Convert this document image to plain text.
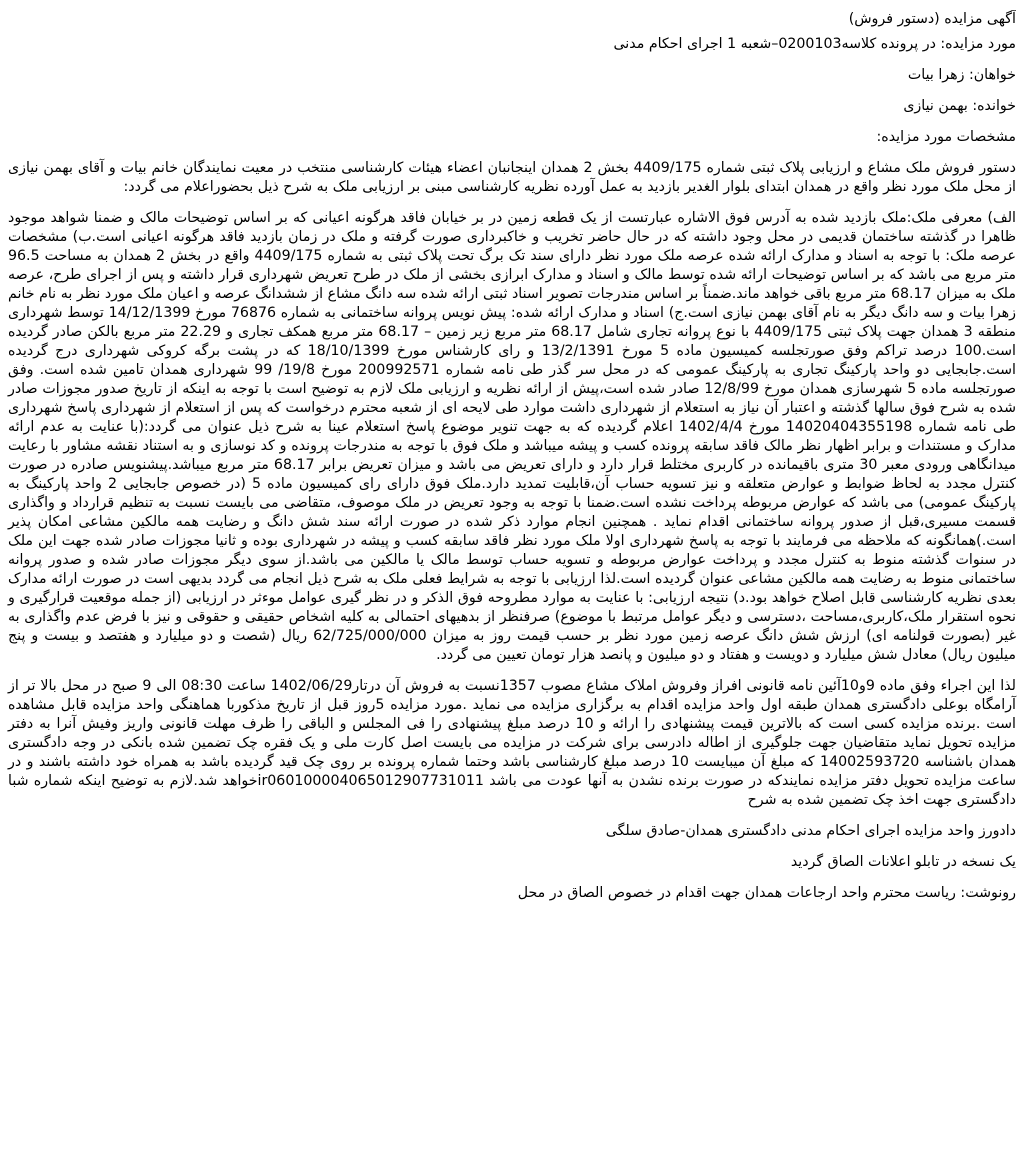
آگهی مزایده (دستور فروش)
مورد مزایده: در پرونده کلاسه0200103–شعبه 1 اجرای احکام مدنی
خواهان: زهرا بیات
خوانده: بهمن نیازی
مشخصات مورد مزایده:
دستور فروش ملک مشاع و ارزیابی پلاک ثبتی شماره 4409/175 بخش 2 همدان اینجانبان اعضاء هیئات کارشناسی منتخب در معیت نمایندگان خانم بیات و آقای بهمن نیازی از محل ملک مورد نظر واقع در همدان ابتدای بلوار الغدیر بازدید به عمل آورده نظریه کارشناسی مبنی بر ارزیابی ملک به شرح ذیل بحضوراعلام می گردد:
الف) معرفی ملک:ملک بازدید شده به آدرس فوق الاشاره عبارتست از یک قطعه زمین در بر خیابان فاقد هرگونه اعیانی که بر اساس توضیحات مالک و ضمنا شواهد موجود ظاهرا در گذشته ساختمان قدیمی در محل وجود داشته که در حال حاضر تخریب و خاکبرداری صورت گرفته و ملک در زمان بازدید فاقد هرگونه اعیانی است.ب) مشخصات عرصه ملک: با توجه به اسناد و مدارک ارائه شده عرصه ملک مورد نظر دارای سند تک برگ تحت پلاک ثبتی به شماره 4409/175 واقع در بخش 2 همدان به مساحت 96.5 متر مربع می باشد که بر اساس توضیحات ارائه شده توسط مالک و اسناد و مدارک ابرازی بخشی از ملک در طرح تعریض شهرداری قرار داشته و پس از اجرای طرح، عرصه ملک به میزان 68.17 متر مربع باقی خواهد ماند.ضمناً بر اساس مندرجات تصویر اسناد ثبتی ارائه شده سه دانگ مشاع از ششدانگ عرصه و اعیان ملک مورد نظر به نام خانم زهرا بیات و سه دانگ دیگر به نام آقای بهمن نیازی است.ج) اسناد و مدارک ارائه شده: پیش نویس پروانه ساختمانی به شماره 76876 مورخ 14/12/1399 توسط شهرداری منطقه 3 همدان جهت پلاک ثبتی 4409/175 با نوع پروانه تجاری شامل 68.17 متر مربع زیر زمین – 68.17 متر مربع همکف تجاری و 22.29 متر مربع بالکن صادر گردیده است.100 درصد تراکم وفق صورتجلسه کمیسیون ماده 5 مورخ 13/2/1391 و رای کارشناس مورخ 18/10/1399 که در پشت برگه کروکی شهرداری درج گردیده است.جابجایی دو واحد پارکینگ تجاری به پارکینگ عمومی که در محل سر گذر طی نامه شماره 200992571 مورخ 19/8/ 99 شهرداری همدان تامین شده است. وفق صورتجلسه ماده 5 شهرسازی همدان مورخ 12/8/99 صادر شده است،پیش از ارائه نظریه و ارزیابی ملک لازم به توضیح است با توجه به اینکه از تاریخ صدور مجوزات صادر شده به شرح فوق سالها گذشته و اعتبار آن نیاز به استعلام از شهرداری داشت موارد طی لایحه ای از شعبه محترم درخواست که پس از استعلام از شهرداری پاسخ شهرداری طی نامه شماره 14020404355198 مورخ 1402/4/4 اعلام گردیده که به جهت تنویر موضوع پاسخ استعلام عینا به شرح ذیل عنوان می گردد:(با عنایت به عدم ارائه مدارک و مستندات و برابر اظهار نظر مالک فاقد سابقه پرونده کسب و پیشه میباشد و ملک فوق با توجه به مندرجات پرونده و کد نوسازی و به استناد نقشه مشاور با رعایت میدانگاهی ورودی معبر 30 متری باقیمانده در کاربری مختلط قرار دارد و دارای تعریض می باشد و میزان تعریض برابر 68.17 متر مربع میباشد.پیشنویس صادره در صورت کنترل مجدد به لحاظ ضوابط و عوارض متعلقه و نیز تسویه حساب آن،قابلیت تمدید دارد.ملک فوق دارای رای کمیسیون ماده 5 (در خصوص جابجایی 2 واحد پارکینگ به پارکینگ عمومی) می باشد که عوارض مربوطه پرداخت نشده است.ضمنا با توجه به وجود تعریض در ملک موصوف، متقاضی می بایست نسبت به تنظیم قرارداد و واگذاری قسمت مسیری،قبل از صدور پروانه ساختمانی اقدام نماید . همچنین انجام موارد ذکر شده در صورت ارائه سند شش دانگ و رضایت همه مالکین مشاعی امکان پذیر است.)همانگونه که ملاحظه می فرمایند با توجه به پاسخ شهرداری اولا ملک مورد نظر فاقد سابقه کسب و پیشه در شهرداری بوده و ثانیا مجوزات صادر شده جهت این ملک در سنوات گذشته منوط به کنترل مجدد و پرداخت عوارض مربوطه و تسویه حساب توسط مالک یا مالکین می باشد.از سوی دیگر مجوزات صادر شده و صدور پروانه ساختمانی منوط به رضایت همه مالکین مشاعی عنوان گردیده است.لذا ارزیابی با توجه به شرایط فعلی ملک به شرح ذیل انجام می گردد بدیهی است در صورت ارائه مدارک بعدی نظریه کارشناسی قابل اصلاح خواهد بود.د) نتیجه ارزیابی: با عنایت به موارد مطروحه فوق الذکر و در نظر گیری عوامل موءثر در ارزیابی (از جمله موقعیت قرارگیری و نحوه استقرار ملک،کاربری،مساحت ،دسترسی و دیگر عوامل مرتبط با موضوع) صرفنظر از بدهیهای احتمالی به کلیه اشخاص حقیقی و حقوقی و نیز با فرض عدم واگذاری به غیر (بصورت قولنامه ای) ارزش شش دانگ عرصه زمین مورد نظر بر حسب قیمت روز به میزان 62/725/000/000 ریال (شصت و دو میلیارد و هفتصد و بیست و پنج میلیون ریال) معادل شش میلیارد و دویست و هفتاد و دو میلیون و پانصد هزار تومان تعیین می گردد.
لذا این اجراء وفق ماده 9و10آئین نامه قانونی افراز وفروش املاک مشاع مصوب 1357نسبت به فروش آن درتار1402/06/29 ساعت 08:30 الی 9 صبح در محل بالا تر از آرامگاه بوعلی دادگستری همدان طبقه اول واحد مزایده اقدام به برگزاری مزایده می نماید .مورد مزایده 5روز قبل از تاریخ مذکوربا هماهنگی واحد مزایده قابل مشاهده است .برنده مزایده کسی است که بالاترین قیمت پیشنهادی را ارائه و 10 درصد مبلغ پیشنهادی را فی المجلس و الباقی را ظرف مهلت قانونی واریز وفیش آنرا به دفتر مزایده تحویل نماید متقاضیان جهت جلوگیری از اطاله دادرسی برای شرکت در مزایده می بایست اصل کارت ملی و یک فقره چک تضمین شده بانکی در وجه دادگستری همدان باشناسه 14002593720 که مبلغ آن میبایست 10 درصد مبلغ کارشناسی باشد وحتما شماره پرونده بر روی چک قید گردیده باشد به همراه خود داشته باشند و در ساعت مزایده تحویل دفتر مزایده نمایندکه در صورت برنده نشدن به آنها عودت می باشد ir060100004065012907731011خواهد شد.لازم به توضیح اینکه شماره شبا دادگستری جهت اخذ چک تضمین شده به شرح
دادورز واحد مزایده اجرای احکام مدنی دادگستری همدان-صادق سلگی
یک نسخه در تابلو اعلانات الصاق گردید
رونوشت: ریاست محترم واحد ارجاعات همدان جهت اقدام در خصوص الصاق در محل
